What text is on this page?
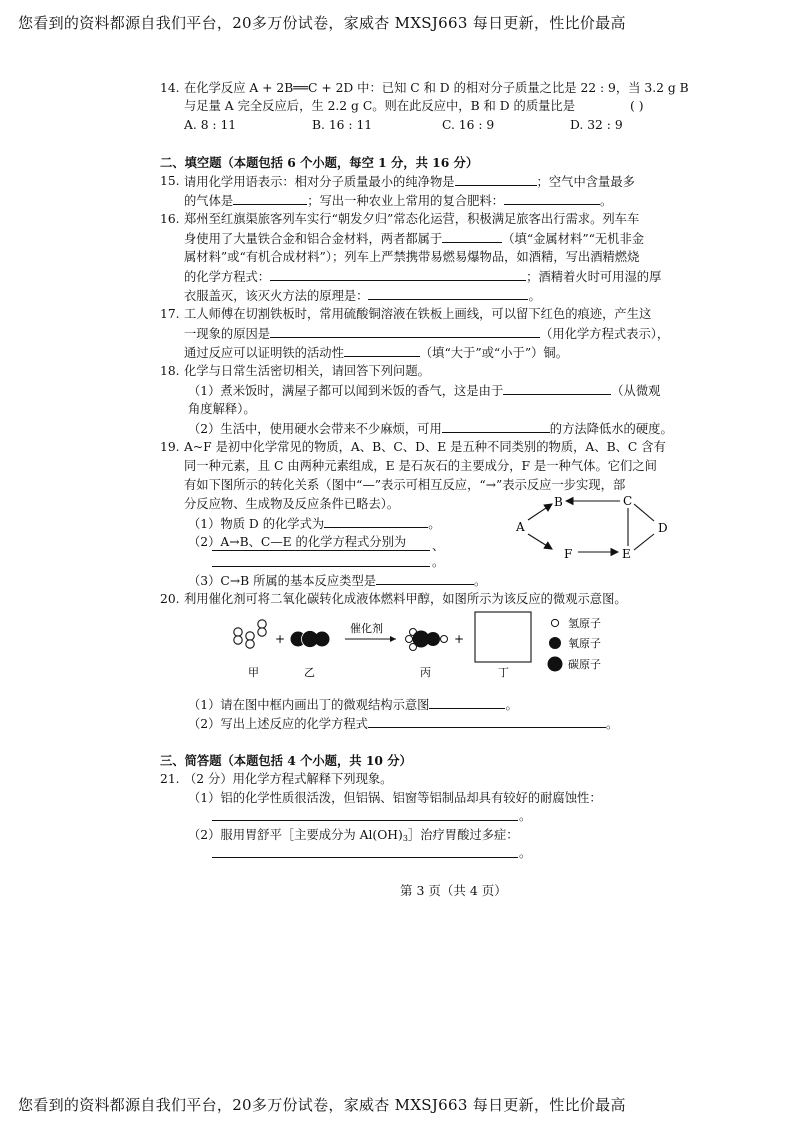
您看到的资料都源自我们平台，20多万份试卷，家威杏 MXSJ663 每日更新，性比价最高
14. 在化学反应 A + 2B══C + 2D 中：已知 C 和 D 的相对分子质量之比是 22 : 9，当 3.2 g B
与足量 A 完全反应后，生 2.2 g C。则在此反应中，B 和 D 的质量比是	( )
A. 8 : 11	B. 16 : 11	C. 16 : 9	D. 32 : 9
二、填空题（本题包括 6 个小题，每空 1 分，共 16 分）
15. 请用化学用语表示：相对分子质量最小的纯净物是	；空气中含量最多
的气体是	；写出一种农业上常用的复合肥料：	。
16. 郑州至红旗渠旅客列车实行“朝发夕归”常态化运营，积极满足旅客出行需求。列车车
身使用了大量铁合金和铝合金材料，两者都属于	（填“金属材料”“无机非金
属材料”或“有机合成材料”）；列车上严禁携带易燃易爆物品，如酒精，写出酒精燃烧
的化学方程式：	；酒精着火时可用湿的厚
衣服盖灭，该灭火方法的原理是：	。
17. 工人师傅在切割铁板时，常用硫酸铜溶液在铁板上画线，可以留下红色的痕迹，产生这
一现象的原因是	（用化学方程式表示），
通过反应可以证明铁的活动性	（填“大于”或“小于”）铜。
18. 化学与日常生活密切相关，请回答下列问题。
（1）煮米饭时，满屋子都可以闻到米饭的香气，这是由于	（从微观
角度解释）。
（2）生活中，使用硬水会带来不少麻烦，可用	的方法降低水的硬度。
19. A~F 是初中化学常见的物质，A、B、C、D、E 是五种不同类别的物质，A、B、C 含有
同一种元素，且 C 由两种元素组成，E 是石灰石的主要成分，F 是一种气体。它们之间
有如下图所示的转化关系（图中“—”表示可相互反应，“→”表示反应一步实现，部
分反应物、生成物及反应条件已略去）。
（1）物质 D 的化学式为	。
（2）A→B、C—E 的化学方程式分别为 、
。
（3）C→B 所属的基本反应类型是	。
A
B	C
D
E
F
20. 利用催化剂可将二氧化碳转化成液体燃料甲醇，如图所示为该反应的微观示意图。
+
催化剂
+
甲	乙	丙	丁
氢原子
氧原子
碳原子
（1）请在图中框内画出丁的微观结构示意图	。
（2）写出上述反应的化学方程式	。
三、简答题（本题包括 4 个小题，共 10 分）
21. （2 分）用化学方程式解释下列现象。
（1）铝的化学性质很活泼，但铝锅、铝窗等铝制品却具有较好的耐腐蚀性：
。
（2）服用胃舒平［主要成分为 $Al(OH)_3]$治疗胃酸过多症：
。
第 3 页（共 4 页）
您看到的资料都源自我们平台，20多万份试卷，家威杏 MXSJ663 每日更新，性比价最高
